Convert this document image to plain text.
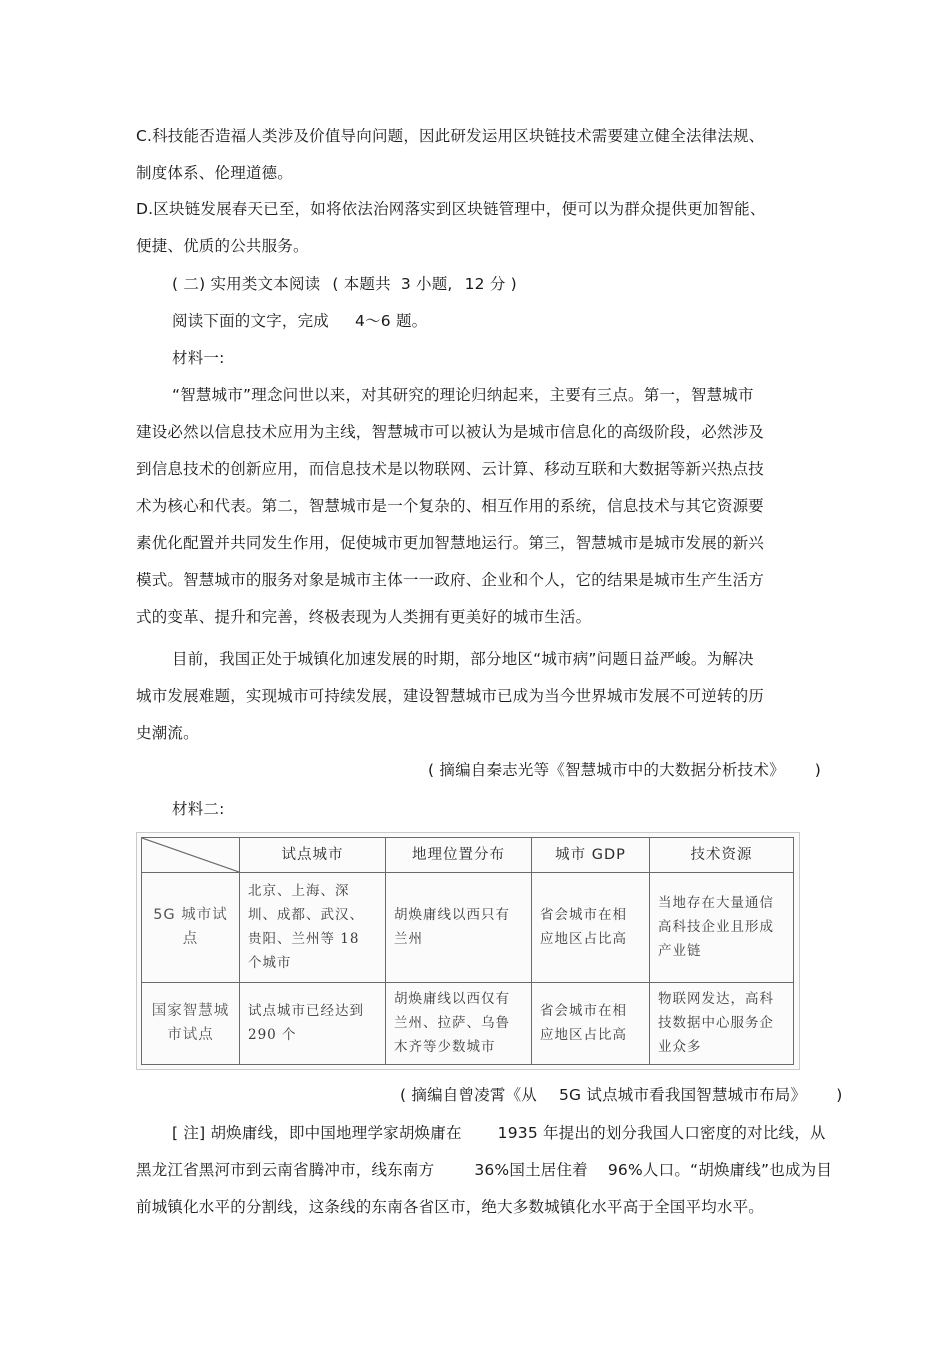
C.科技能否造福人类涉及价值导向问题，因此研发运用区块链技术需要建立健全法律法规、
制度体系、伦理道德。
D.区块链发展春天已至，如将依法治网落实到区块链管理中，便可以为群众提供更加智能、
便捷、优质的公共服务。
( 二) 实用类文本阅读 ( 本题共 3 小题, 12 分 )
阅读下面的文字，完成 4～6 题。
材料一:
“智慧城市”理念问世以来，对其研究的理论归纳起来，主要有三点。第一，智慧城市
建设必然以信息技术应用为主线，智慧城市可以被认为是城市信息化的高级阶段，必然涉及
到信息技术的创新应用，而信息技术是以物联网、云计算、移动互联和大数据等新兴热点技
术为核心和代表。第二，智慧城市是一个复杂的、相互作用的系统，信息技术与其它资源要
素优化配置并共同发生作用，促使城市更加智慧地运行。第三，智慧城市是城市发展的新兴
模式。智慧城市的服务对象是城市主体一一政府、企业和个人，它的结果是城市生产生活方
式的变革、提升和完善，终极表现为人类拥有更美好的城市生活。
目前，我国正处于城镇化加速发展的时期，部分地区“城市病”问题日益严峻。为解决
城市发展难题，实现城市可持续发展，建设智慧城市已成为当今世界城市发展不可逆转的历
史潮流。
( 摘编自秦志光等《智慧城市中的大数据分析技术》 )
材料二:
	试点城市	地理位置分布	城市 GDP	技术资源
5G 城市试点	北京、上海、深圳、成都、武汉、贵阳、兰州等 18 个城市	胡焕庸线以西只有兰州	省会城市在相应地区占比高	当地存在大量通信高科技企业且形成产业链
国家智慧城市试点	试点城市已经达到 290 个	胡焕庸线以西仅有兰州、拉萨、乌鲁木齐等少数城市	省会城市在相应地区占比高	物联网发达，高科技数据中心服务企业众多
( 摘编自曾凌霄《从 5G 试点城市看我国智慧城市布局》 )
[ 注] 胡焕庸线，即中国地理学家胡焕庸在 1935 年提出的划分我国人口密度的对比线，从
黑龙江省黑河市到云南省腾冲市，线东南方	36%国土居住着 96%人口。“胡焕庸线”也成为目
前城镇化水平的分割线，这条线的东南各省区市，绝大多数城镇化水平高于全国平均水平。
